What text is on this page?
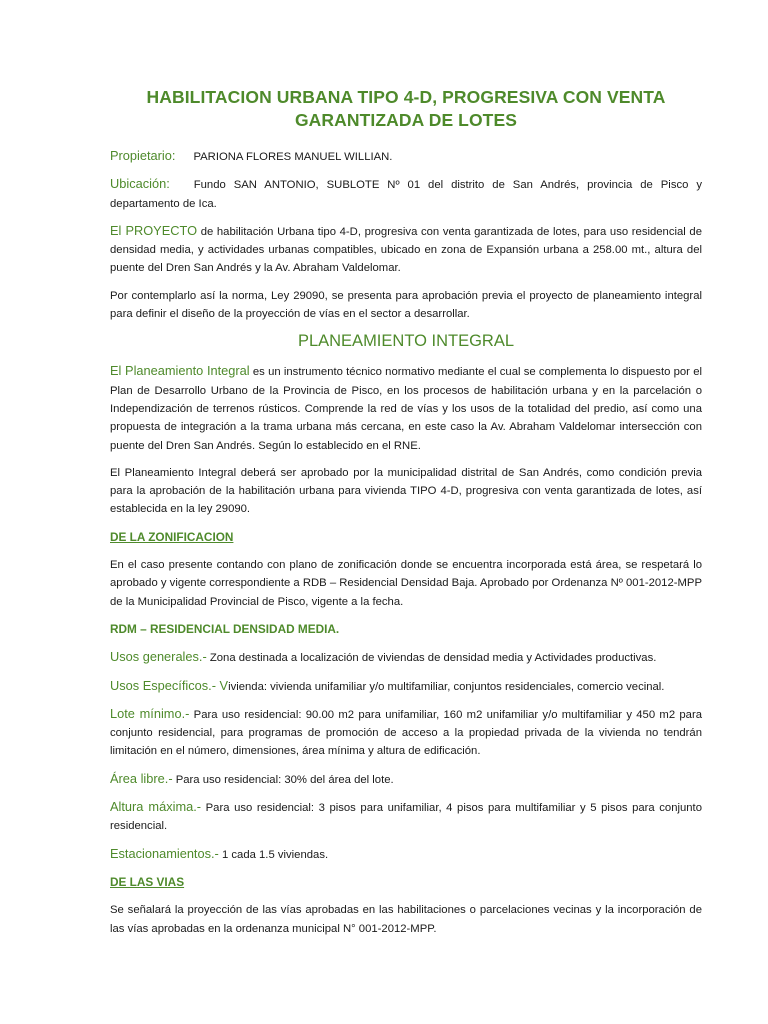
HABILITACION URBANA TIPO 4-D, PROGRESIVA CON VENTA
GARANTIZADA DE LOTES

Propietario: PARIONA FLORES MANUEL WILLIAN.

Ubicación: Fundo SAN ANTONIO, SUBLOTE Nº 01 del distrito de San Andrés, provincia de Pisco y departamento de Ica.

El PROYECTO de habilitación Urbana tipo 4-D, progresiva con venta garantizada de lotes, para uso residencial de densidad media, y actividades urbanas compatibles, ubicado en zona de Expansión urbana a 258.00 mt., altura del puente del Dren San Andrés y la Av. Abraham Valdelomar.

Por contemplarlo así la norma, Ley 29090, se presenta para aprobación previa el proyecto de planeamiento integral para definir el diseño de la proyección de vías en el sector a desarrollar.

PLANEAMIENTO INTEGRAL

El Planeamiento Integral es un instrumento técnico normativo mediante el cual se complementa lo dispuesto por el Plan de Desarrollo Urbano de la Provincia de Pisco, en los procesos de habilitación urbana y en la parcelación o Independización de terrenos rústicos. Comprende la red de vías y los usos de la totalidad del predio, así como una propuesta de integración a la trama urbana más cercana, en este caso la Av. Abraham Valdelomar intersección con puente del Dren San Andrés. Según lo establecido en el RNE.

El Planeamiento Integral deberá ser aprobado por la municipalidad distrital de San Andrés, como condición previa para la aprobación de la habilitación urbana para vivienda TIPO 4-D, progresiva con venta garantizada de lotes, así establecida en la ley 29090.

DE LA ZONIFICACION

En el caso presente contando con plano de zonificación donde se encuentra incorporada está área, se respetará lo aprobado y vigente correspondiente a RDB – Residencial Densidad Baja. Aprobado por Ordenanza Nº 001-2012-MPP de la Municipalidad Provincial de Pisco, vigente a la fecha.

RDM – RESIDENCIAL DENSIDAD MEDIA.

Usos generales.- Zona destinada a localización de viviendas de densidad media y Actividades productivas.

Usos Específicos.- Vivienda: vivienda unifamiliar y/o multifamiliar, conjuntos residenciales, comercio vecinal.

Lote mínimo.- Para uso residencial: 90.00 m2 para unifamiliar, 160 m2 unifamiliar y/o multifamiliar y 450 m2 para conjunto residencial, para programas de promoción de acceso a la propiedad privada de la vivienda no tendrán limitación en el número, dimensiones, área mínima y altura de edificación.

Área libre.- Para uso residencial: 30% del área del lote.

Altura máxima.- Para uso residencial: 3 pisos para unifamiliar, 4 pisos para multifamiliar y 5 pisos para conjunto residencial.

Estacionamientos.- 1 cada 1.5 viviendas.

DE LAS VIAS

Se señalará la proyección de las vías aprobadas en las habilitaciones o parcelaciones vecinas y la incorporación de las vías aprobadas en la ordenanza municipal N° 001-2012-MPP.
